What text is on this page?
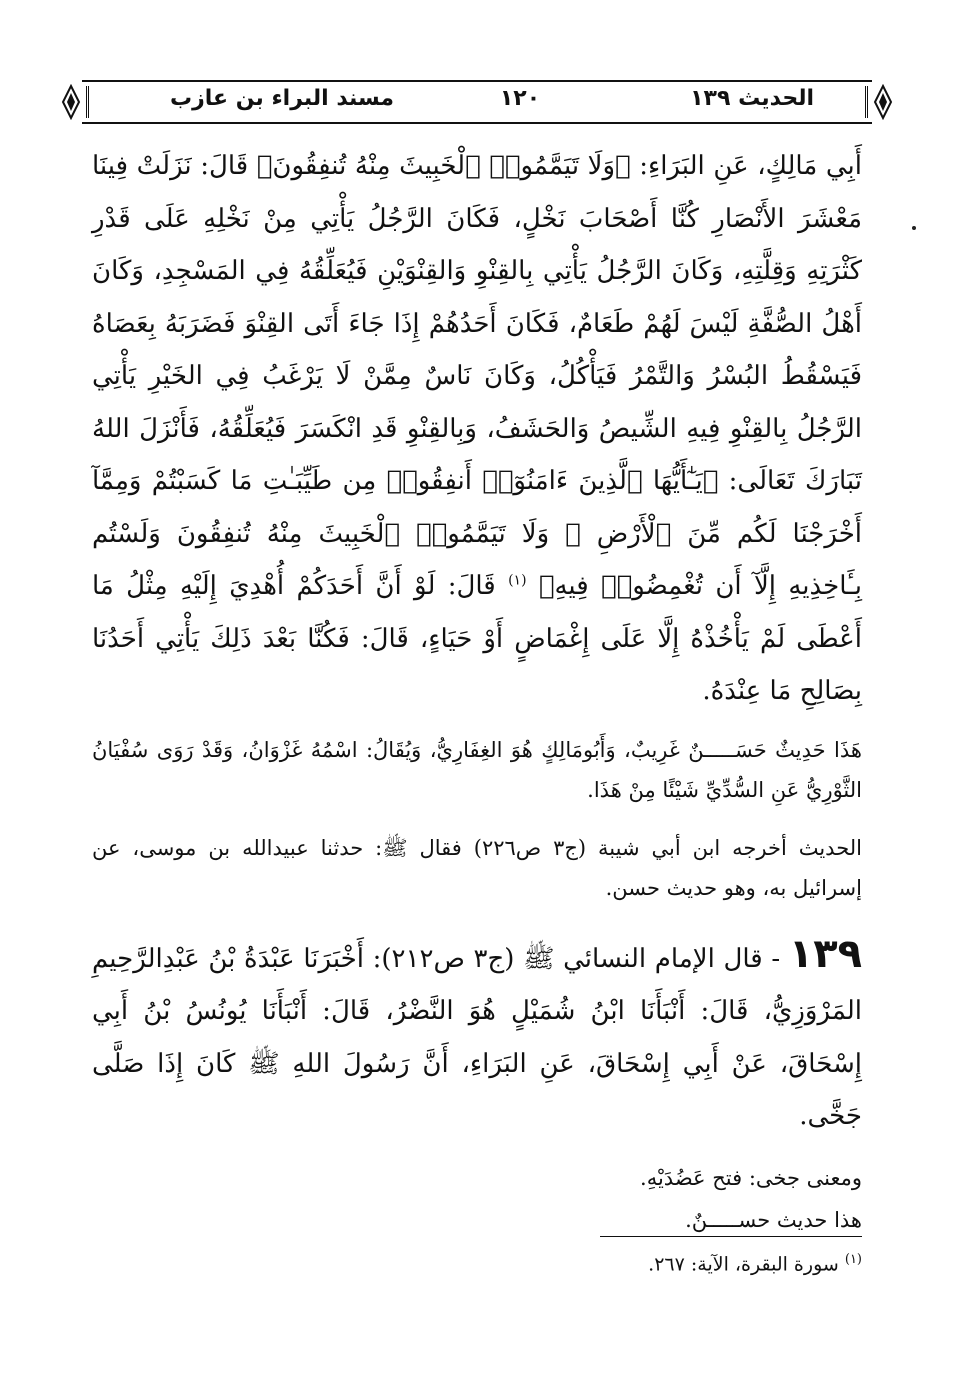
الحديث ١٣٩
١٢٠
مسند البراء بن عازب

أَبِي مَالِكٍ، عَنِ البَرَاءِ: ﴿وَلَا تَيَمَّمُوا۟ ٱلْخَبِيثَ مِنْهُ تُنفِقُونَ﴾ قَالَ: نَزَلَتْ فِينَا مَعْشَرَ الأَنْصَارِ كُنَّا أَصْحَابَ نَخْلٍ، فَكَانَ الرَّجُلُ يَأْتِي مِنْ نَخْلِهِ عَلَى قَدْرِ كَثْرَتِهِ وَقِلَّتِهِ، وَكَانَ الرَّجُلُ يَأْتِي بِالقِنْوِ وَالقِنْوَيْنِ فَيُعَلِّقُهُ فِي المَسْجِدِ، وَكَانَ أَهْلُ الصُّفَّةِ لَيْسَ لَهُمْ طَعَامٌ، فَكَانَ أَحَدُهُمْ إِذَا جَاءَ أَتَى القِنْوَ فَضَرَبَهُ بِعَصَاهُ فَيَسْقُطُ البُسْرُ وَالتَّمْرُ فَيَأْكُلُ، وَكَانَ نَاسٌ مِمَّنْ لَا يَرْغَبُ فِي الخَيْرِ يَأْتِي الرَّجُلُ بِالقِنْوِ فِيهِ الشِّيصُ وَالحَشَفُ، وَبِالقِنْوِ قَدِ انْكَسَرَ فَيُعَلِّقُهُ، فَأَنْزَلَ اللهُ تَبَارَكَ تَعَالَى: ﴿يَـٰٓأَيُّهَا ٱلَّذِينَ ءَامَنُوٓا۟ أَنفِقُوا۟ مِن طَيِّبَـٰتِ مَا كَسَبْتُمْ وَمِمَّآ أَخْرَجْنَا لَكُم مِّنَ ٱلْأَرْضِ ۖ وَلَا تَيَمَّمُوا۟ ٱلْخَبِيثَ مِنْهُ تُنفِقُونَ وَلَسْتُم بِـَٔاخِذِيهِ إِلَّآ أَن تُغْمِضُوا۟ فِيهِ﴾ $^{(١)}$ قَالَ: لَوْ أَنَّ أَحَدَكُمْ أُهْدِيَ إِلَيْهِ مِثْلُ مَا أَعْطَى لَمْ يَأْخُذْهُ إِلَّا عَلَى إِغْمَاضٍ أَوْ حَيَاءٍ، قَالَ: فَكُنَّا بَعْدَ ذَلِكَ يَأْتِي أَحَدُنَا بِصَالِحِ مَا عِنْدَهُ.

هَذَا حَدِيثٌ حَسَـــــنٌ غَرِيبٌ، وَأَبُومَالِكٍ هُوَ الغِفَارِيُّ، وَيُقَالُ: اسْمُهُ غَزْوَانُ، وَقَدْ رَوَى سُفْيَانُ الثَّوْرِيُّ عَنِ السُّدِّيِّ شَيْئًا مِنْ هَذَا.

الحديث أخرجه ابن أبي شيبة (ج٣ ص٢٢٦) فقال ﷺ: حدثنا عبيدالله بن موسى، عن إسرائيل به، وهو حديث حسن.

١٣٩ - قال الإمام النسائي ﷺ (ج٣ ص٢١٢): أَخْبَرَنَا عَبْدَةُ بْنُ عَبْدِالرَّحِيمِ المَرْوَزِيُّ، قَالَ: أَنْبَأَنَا ابْنُ شُمَيْلٍ هُوَ النَّضْرُ، قَالَ: أَنْبَأَنَا يُونُسُ بْنُ أَبِي إِسْحَاقَ، عَنْ أَبِي إِسْحَاقَ، عَنِ البَرَاءِ، أَنَّ رَسُولَ اللهِ ﷺ كَانَ إِذَا صَلَّى جَخَّى.

ومعنى جخى: فتح عَضُدَيْهِ.

هذا حديث حســـــنٌ.

$^{(١)}$ سورة البقرة، الآية: ٢٦٧.
